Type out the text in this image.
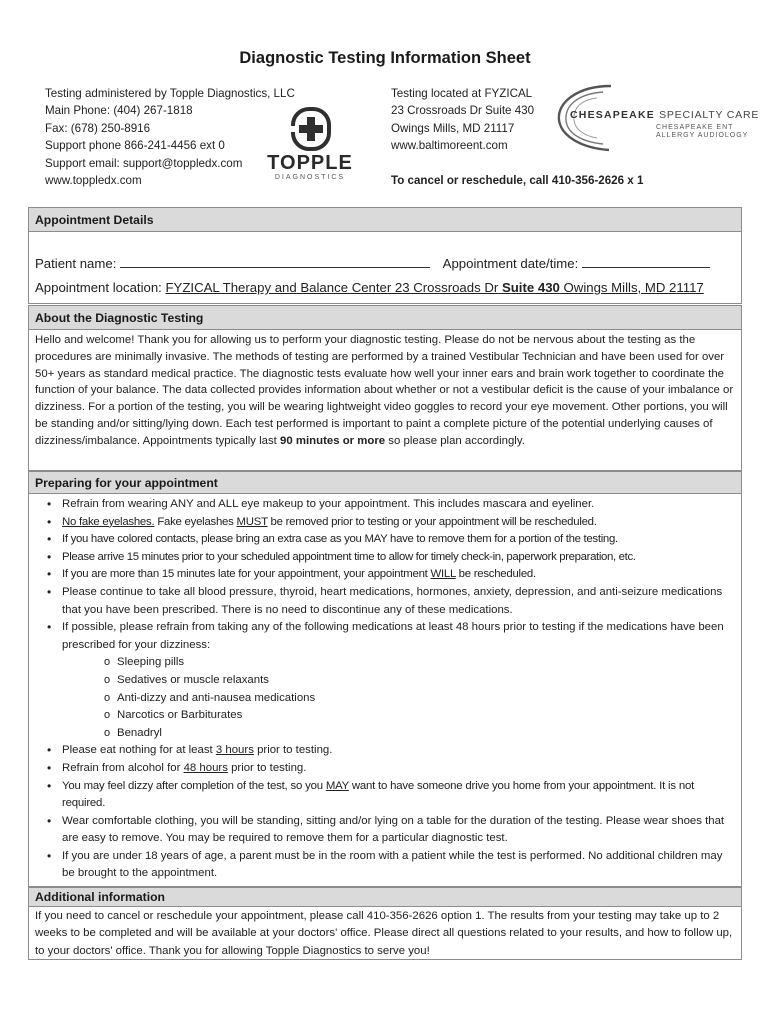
Diagnostic Testing Information Sheet
Testing administered by Topple Diagnostics, LLC
Main Phone: (404) 267-1818
Fax: (678) 250-8916
Support phone 866-241-4456 ext 0
Support email: support@toppledx.com
www.toppledx.com
TOPPLE
DIAGNOSTICS
Testing located at FYZICAL
23 Crossroads Dr Suite 430
Owings Mills, MD 21117
www.baltimoreent.com
To cancel or reschedule, call 410-356-2626 x 1
CHESAPEAKE SPECIALTY CARE
CHESAPEAKE ENT
ALLERGY AUDIOLOGY
Appointment Details
Patient name:	Appointment date/time:
Appointment location: FYZICAL Therapy and Balance Center 23 Crossroads Dr Suite 430 Owings Mills, MD 21117
About the Diagnostic Testing
Hello and welcome! Thank you for allowing us to perform your diagnostic testing. Please do not be nervous about the testing as the procedures are minimally invasive. The methods of testing are performed by a trained Vestibular Technician and have been used for over 50+ years as standard medical practice. The diagnostic tests evaluate how well your inner ears and brain work together to coordinate the function of your balance. The data collected provides information about whether or not a vestibular deficit is the cause of your imbalance or dizziness. For a portion of the testing, you will be wearing lightweight video goggles to record your eye movement. Other portions, you will be standing and/or sitting/lying down. Each test performed is important to paint a complete picture of the potential underlying causes of dizziness/imbalance. Appointments typically last 90 minutes or more so please plan accordingly.
Preparing for your appointment
• Refrain from wearing ANY and ALL eye makeup to your appointment. This includes mascara and eyeliner.
• No fake eyelashes. Fake eyelashes MUST be removed prior to testing or your appointment will be rescheduled.
• If you have colored contacts, please bring an extra case as you MAY have to remove them for a portion of the testing.
• Please arrive 15 minutes prior to your scheduled appointment time to allow for timely check-in, paperwork preparation, etc.
• If you are more than 15 minutes late for your appointment, your appointment WILL be rescheduled.
• Please continue to take all blood pressure, thyroid, heart medications, hormones, anxiety, depression, and anti-seizure medications that you have been prescribed. There is no need to discontinue any of these medications.
• If possible, please refrain from taking any of the following medications at least 48 hours prior to testing if the medications have been prescribed for your dizziness:
o Sleeping pills
o Sedatives or muscle relaxants
o Anti-dizzy and anti-nausea medications
o Narcotics or Barbiturates
o Benadryl
• Please eat nothing for at least 3 hours prior to testing.
• Refrain from alcohol for 48 hours prior to testing.
• You may feel dizzy after completion of the test, so you MAY want to have someone drive you home from your appointment. It is not required.
• Wear comfortable clothing, you will be standing, sitting and/or lying on a table for the duration of the testing. Please wear shoes that are easy to remove. You may be required to remove them for a particular diagnostic test.
• If you are under 18 years of age, a parent must be in the room with a patient while the test is performed. No additional children may be brought to the appointment.
Additional information
If you need to cancel or reschedule your appointment, please call 410-356-2626 option 1. The results from your testing may take up to 2 weeks to be completed and will be available at your doctors' office. Please direct all questions related to your results, and how to follow up, to your doctors' office. Thank you for allowing Topple Diagnostics to serve you!
